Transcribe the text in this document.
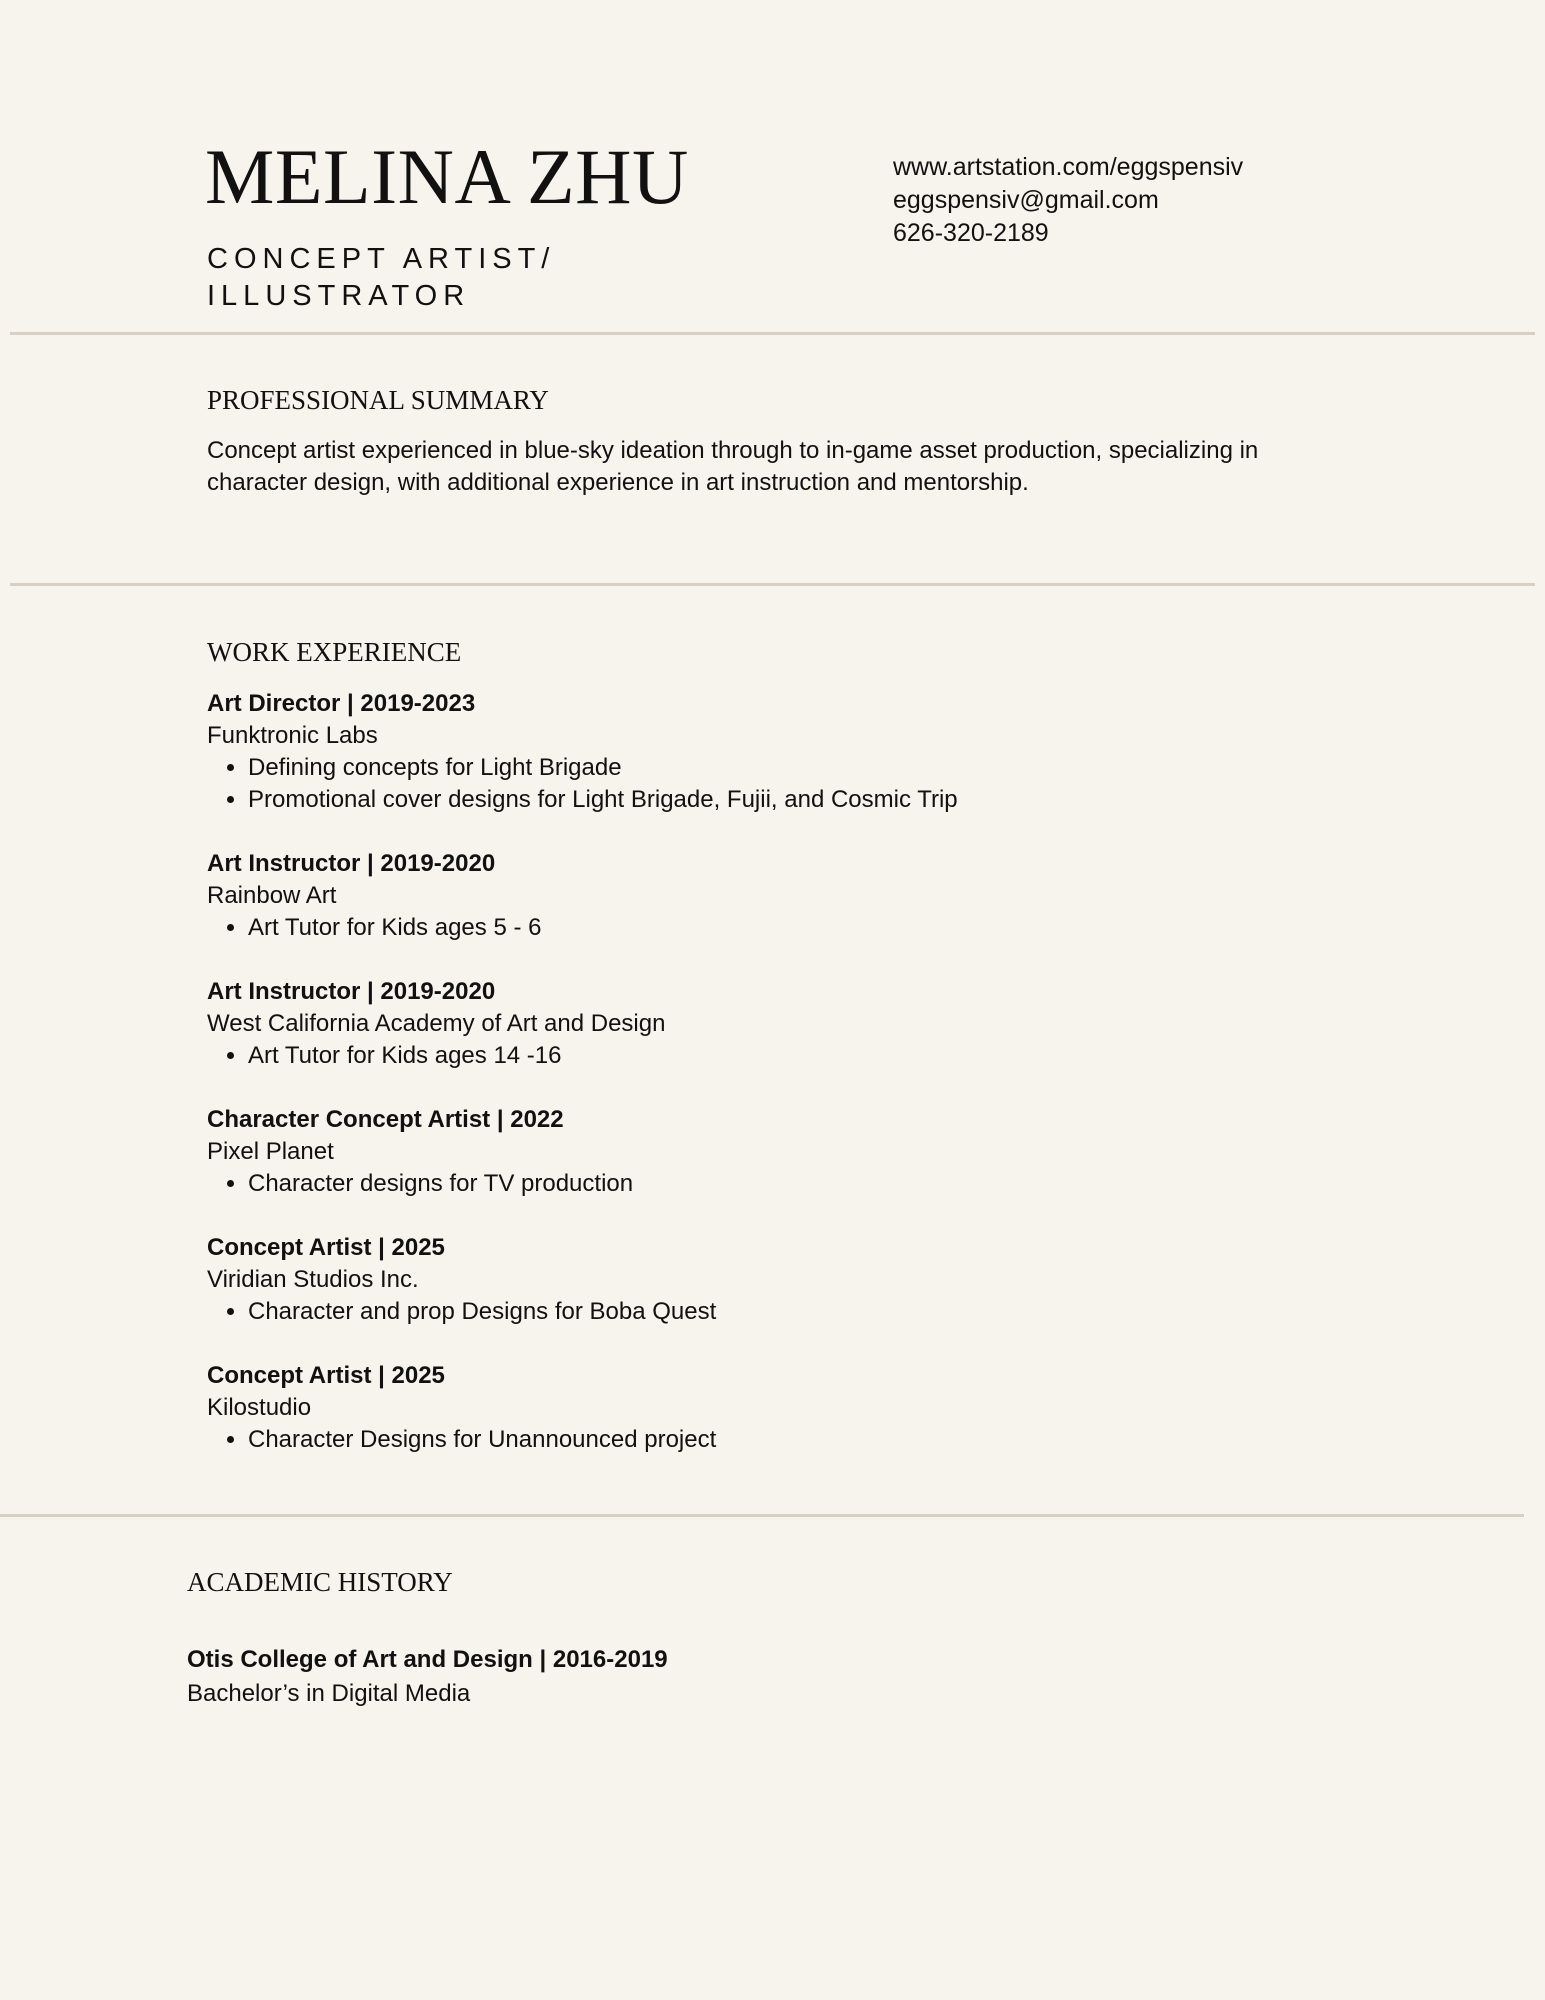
MELINA ZHU
CONCEPT ARTIST/
ILLUSTRATOR
www.artstation.com/eggspensiv
eggspensiv@gmail.com
626-320-2189
PROFESSIONAL SUMMARY

Concept artist experienced in blue-sky ideation through to in-game asset production, specializing in character design, with additional experience in art instruction and mentorship.

WORK EXPERIENCE
Art Director | 2019-2023
Funktronic Labs
• Defining concepts for Light Brigade
• Promotional cover designs for Light Brigade, Fujii, and Cosmic Trip
Art Instructor | 2019-2020
Rainbow Art
• Art Tutor for Kids ages 5 - 6
Art Instructor | 2019-2020
West California Academy of Art and Design
• Art Tutor for Kids ages 14 -16
Character Concept Artist | 2022
Pixel Planet
• Character designs for TV production
Concept Artist | 2025
Viridian Studios Inc.
• Character and prop Designs for Boba Quest
Concept Artist | 2025
Kilostudio
• Character Designs for Unannounced project
ACADEMIC HISTORY
Otis College of Art and Design | 2016-2019
Bachelor’s in Digital Media
